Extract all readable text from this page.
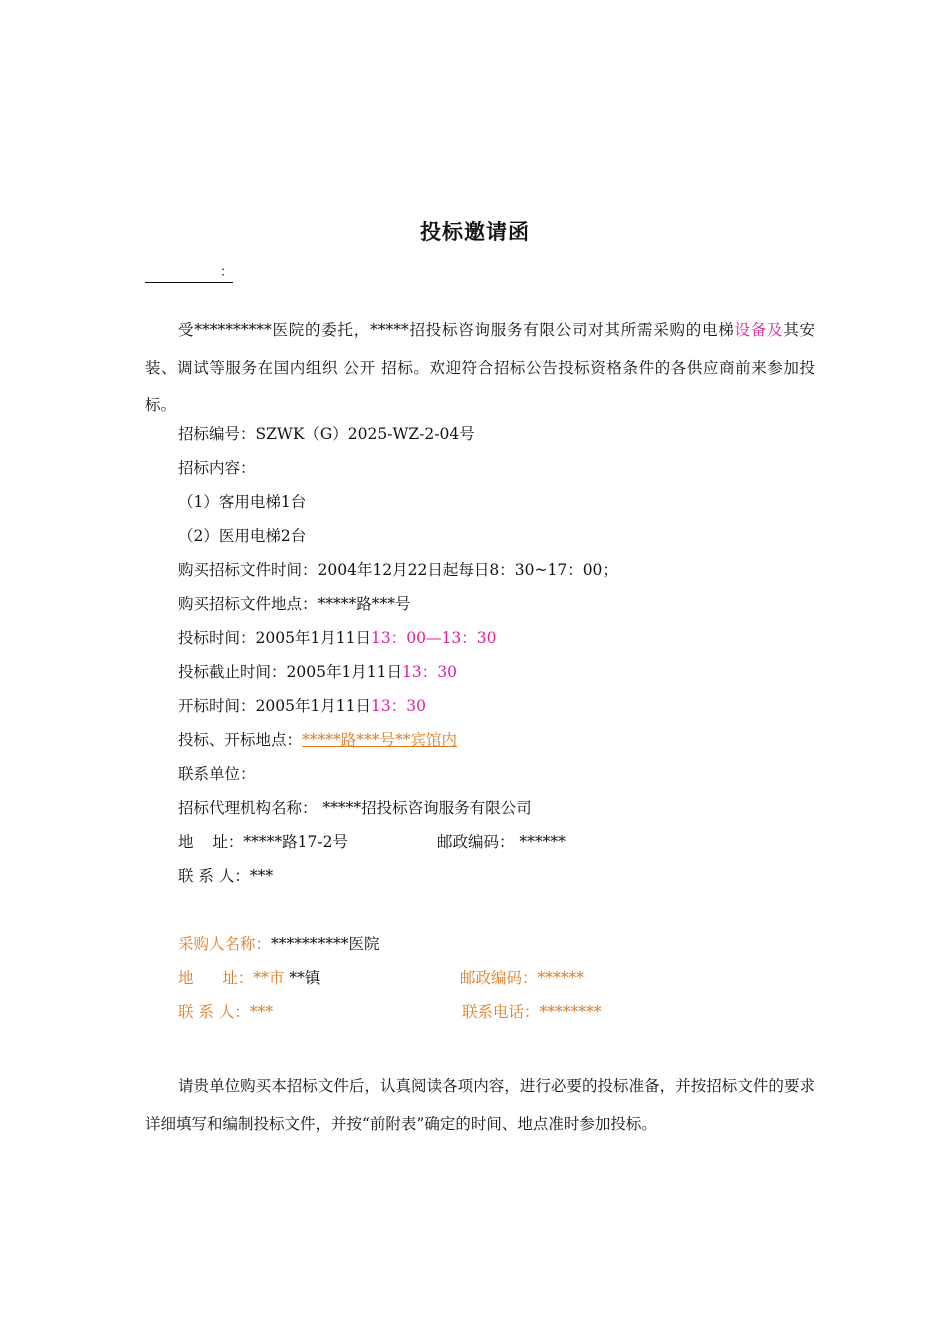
投标邀请函
：
受**********医院的委托，*****招投标咨询服务有限公司对其所需采购的电梯设备及其安装、调试等服务在国内组织 公开 招标。欢迎符合招标公告投标资格条件的各供应商前来参加投标。
招标编号：SZWK（G）2025-WZ-2-04号
招标内容：
（1）客用电梯1台
（2）医用电梯2台
购买招标文件时间：2004年12月22日起每日8：30~17：00；
购买招标文件地点：*****路***号
投标时间：2005年1月11日13：00—13：30
投标截止时间：2005年1月11日13：30
开标时间：2005年1月11日13：30
投标、开标地点：*****路***号**宾馆内
联系单位：
招标代理机构名称： *****招投标咨询服务有限公司
地 址：*****路17-2号	邮政编码： ******
联 系 人：***
采购人名称：**********医院
地 址：**市 **镇	邮政编码：******
联 系 人：***	联系电话：********
请贵单位购买本招标文件后，认真阅读各项内容，进行必要的投标准备，并按招标文件的要求详细填写和编制投标文件，并按“前附表”确定的时间、地点准时参加投标。
